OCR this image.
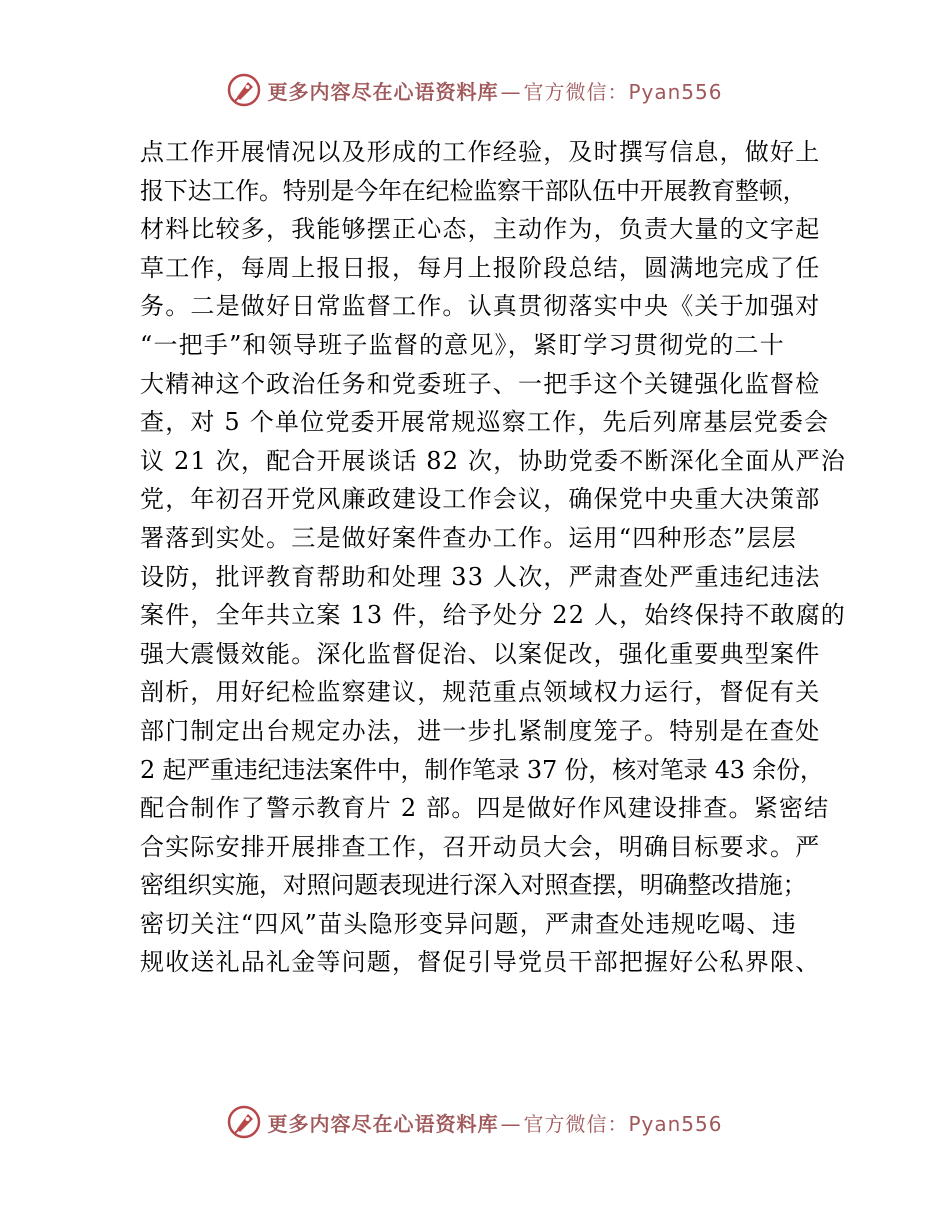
更多内容尽在心语资料库 — 官方微信：Pyan556
点工作开展情况以及形成的工作经验，及时撰写信息，做好上
报下达工作。特别是今年在纪检监察干部队伍中开展教育整顿，
材料比较多，我能够摆正心态，主动作为，负责大量的文字起
草工作，每周上报日报，每月上报阶段总结，圆满地完成了任
务。二是做好日常监督工作。认真贯彻落实中央《关于加强对
“一把手”和领导班子监督的意见》，紧盯学习贯彻党的二十
大精神这个政治任务和党委班子、一把手这个关键强化监督检
查，对 5 个单位党委开展常规巡察工作，先后列席基层党委会
议 21 次，配合开展谈话 82 次，协助党委不断深化全面从严治
党，年初召开党风廉政建设工作会议，确保党中央重大决策部
署落到实处。三是做好案件查办工作。运用“四种形态”层层
设防，批评教育帮助和处理 33 人次，严肃查处严重违纪违法
案件，全年共立案 13 件，给予处分 22 人，始终保持不敢腐的
强大震慑效能。深化监督促治、以案促改，强化重要典型案件
剖析，用好纪检监察建议，规范重点领域权力运行，督促有关
部门制定出台规定办法，进一步扎紧制度笼子。特别是在查处
2 起严重违纪违法案件中，制作笔录 37 份，核对笔录 43 余份，
配合制作了警示教育片 2 部。四是做好作风建设排查。紧密结
合实际安排开展排查工作，召开动员大会，明确目标要求。严
密组织实施，对照问题表现进行深入对照查摆，明确整改措施；
密切关注“四风”苗头隐形变异问题，严肃查处违规吃喝、违
规收送礼品礼金等问题，督促引导党员干部把握好公私界限、
更多内容尽在心语资料库 — 官方微信：Pyan556
